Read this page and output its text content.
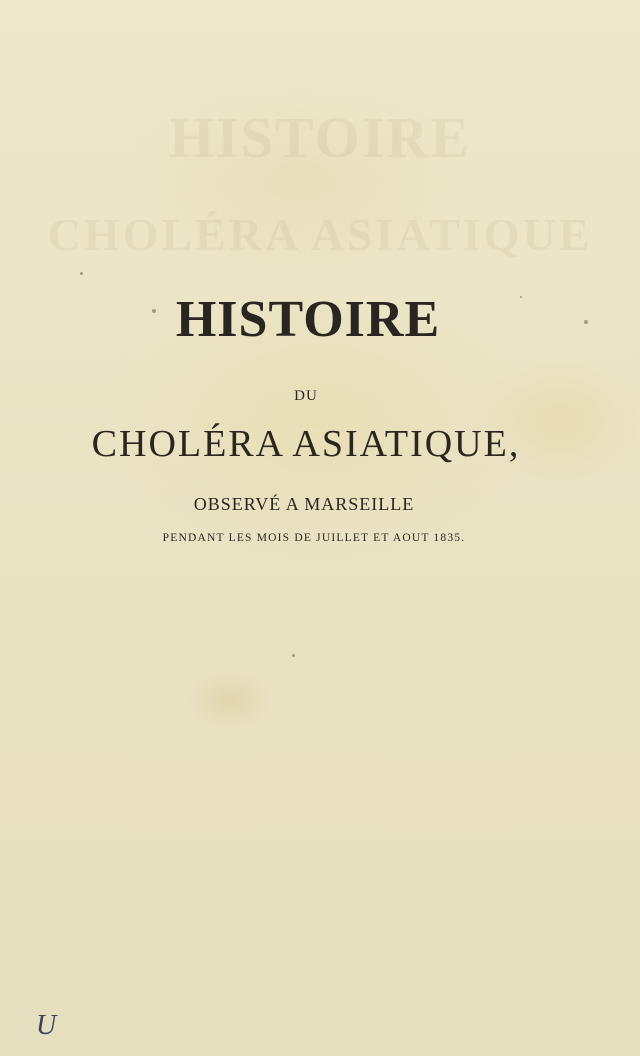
HISTOIRE
CHOLÉRA ASIATIQUE
HISTOIRE
DU
CHOLÉRA ASIATIQUE,
OBSERVÉ A MARSEILLE
PENDANT LES MOIS DE JUILLET ET AOUT 1835.
U
